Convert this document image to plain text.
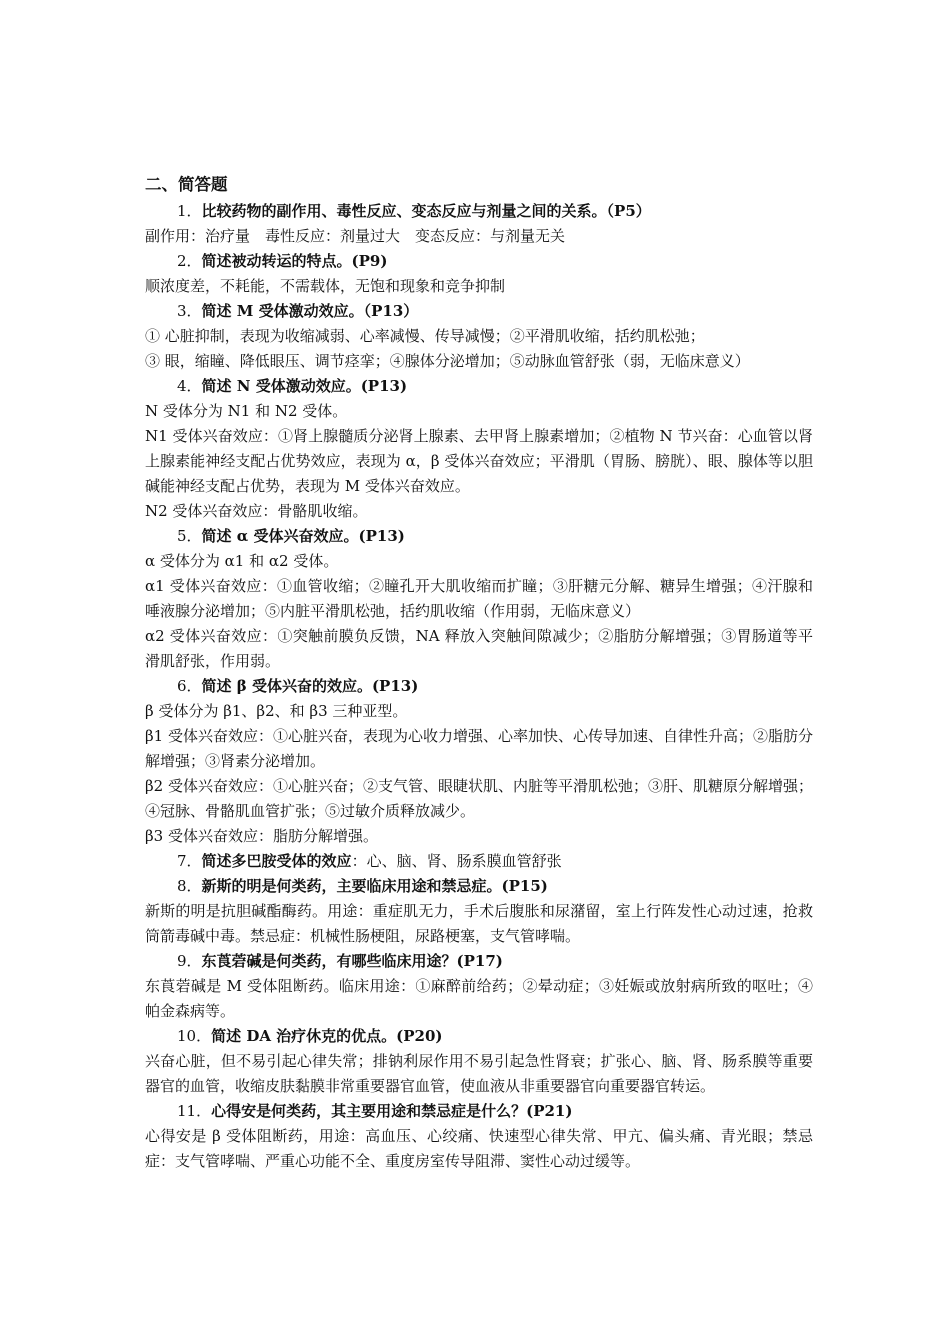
二、简答题
1．比较药物的副作用、毒性反应、变态反应与剂量之间的关系。（P5）
副作用：治疗量　毒性反应：剂量过大　变态反应：与剂量无关
2．简述被动转运的特点。(P9)
顺浓度差，不耗能，不需载体，无饱和现象和竞争抑制
3．简述 M 受体激动效应。（P13）
① 心脏抑制，表现为收缩减弱、心率减慢、传导减慢；②平滑肌收缩，括约肌松弛；
③ 眼，缩瞳、降低眼压、调节痉挛；④腺体分泌增加；⑤动脉血管舒张（弱，无临床意义）
4．简述 N 受体激动效应。(P13)
N 受体分为 N1 和 N2 受体。
N1 受体兴奋效应：①肾上腺髓质分泌肾上腺素、去甲肾上腺素增加；②植物 N 节兴奋：心血管以肾上腺素能神经支配占优势效应，表现为 α，β 受体兴奋效应；平滑肌（胃肠、膀胱）、眼、腺体等以胆碱能神经支配占优势，表现为 M 受体兴奋效应。
N2 受体兴奋效应：骨骼肌收缩。
5．简述 α 受体兴奋效应。(P13)
α 受体分为 α1 和 α2 受体。
α1 受体兴奋效应：①血管收缩；②瞳孔开大肌收缩而扩瞳；③肝糖元分解、糖异生增强；④汗腺和唾液腺分泌增加；⑤内脏平滑肌松弛，括约肌收缩（作用弱，无临床意义）
α2 受体兴奋效应：①突触前膜负反馈，NA 释放入突触间隙减少；②脂肪分解增强；③胃肠道等平滑肌舒张，作用弱。
6．简述 β 受体兴奋的效应。(P13)
β 受体分为 β1、β2、和 β3 三种亚型。
β1 受体兴奋效应：①心脏兴奋，表现为心收力增强、心率加快、心传导加速、自律性升高；②脂肪分解增强；③肾素分泌增加。
β2 受体兴奋效应：①心脏兴奋；②支气管、眼睫状肌、内脏等平滑肌松弛；③肝、肌糖原分解增强；④冠脉、骨骼肌血管扩张；⑤过敏介质释放减少。
β3 受体兴奋效应：脂肪分解增强。
7．简述多巴胺受体的效应：心、脑、肾、肠系膜血管舒张
8．新斯的明是何类药，主要临床用途和禁忌症。(P15)
新斯的明是抗胆碱酯酶药。用途：重症肌无力，手术后腹胀和尿潴留，室上行阵发性心动过速，抢救筒箭毒碱中毒。禁忌症：机械性肠梗阻，尿路梗塞，支气管哮喘。
9．东莨菪碱是何类药，有哪些临床用途？(P17)
东莨菪碱是 M 受体阻断药。临床用途：①麻醉前给药；②晕动症；③妊娠或放射病所致的呕吐；④帕金森病等。
10．简述 DA 治疗休克的优点。(P20)
兴奋心脏，但不易引起心律失常；排钠利尿作用不易引起急性肾衰；扩张心、脑、肾、肠系膜等重要器官的血管，收缩皮肤黏膜非常重要器官血管，使血液从非重要器官向重要器官转运。
11．心得安是何类药，其主要用途和禁忌症是什么？(P21)
心得安是 β 受体阻断药，用途：高血压、心绞痛、快速型心律失常、甲亢、偏头痛、青光眼；禁忌症：支气管哮喘、严重心功能不全、重度房室传导阻滞、窦性心动过缓等。
